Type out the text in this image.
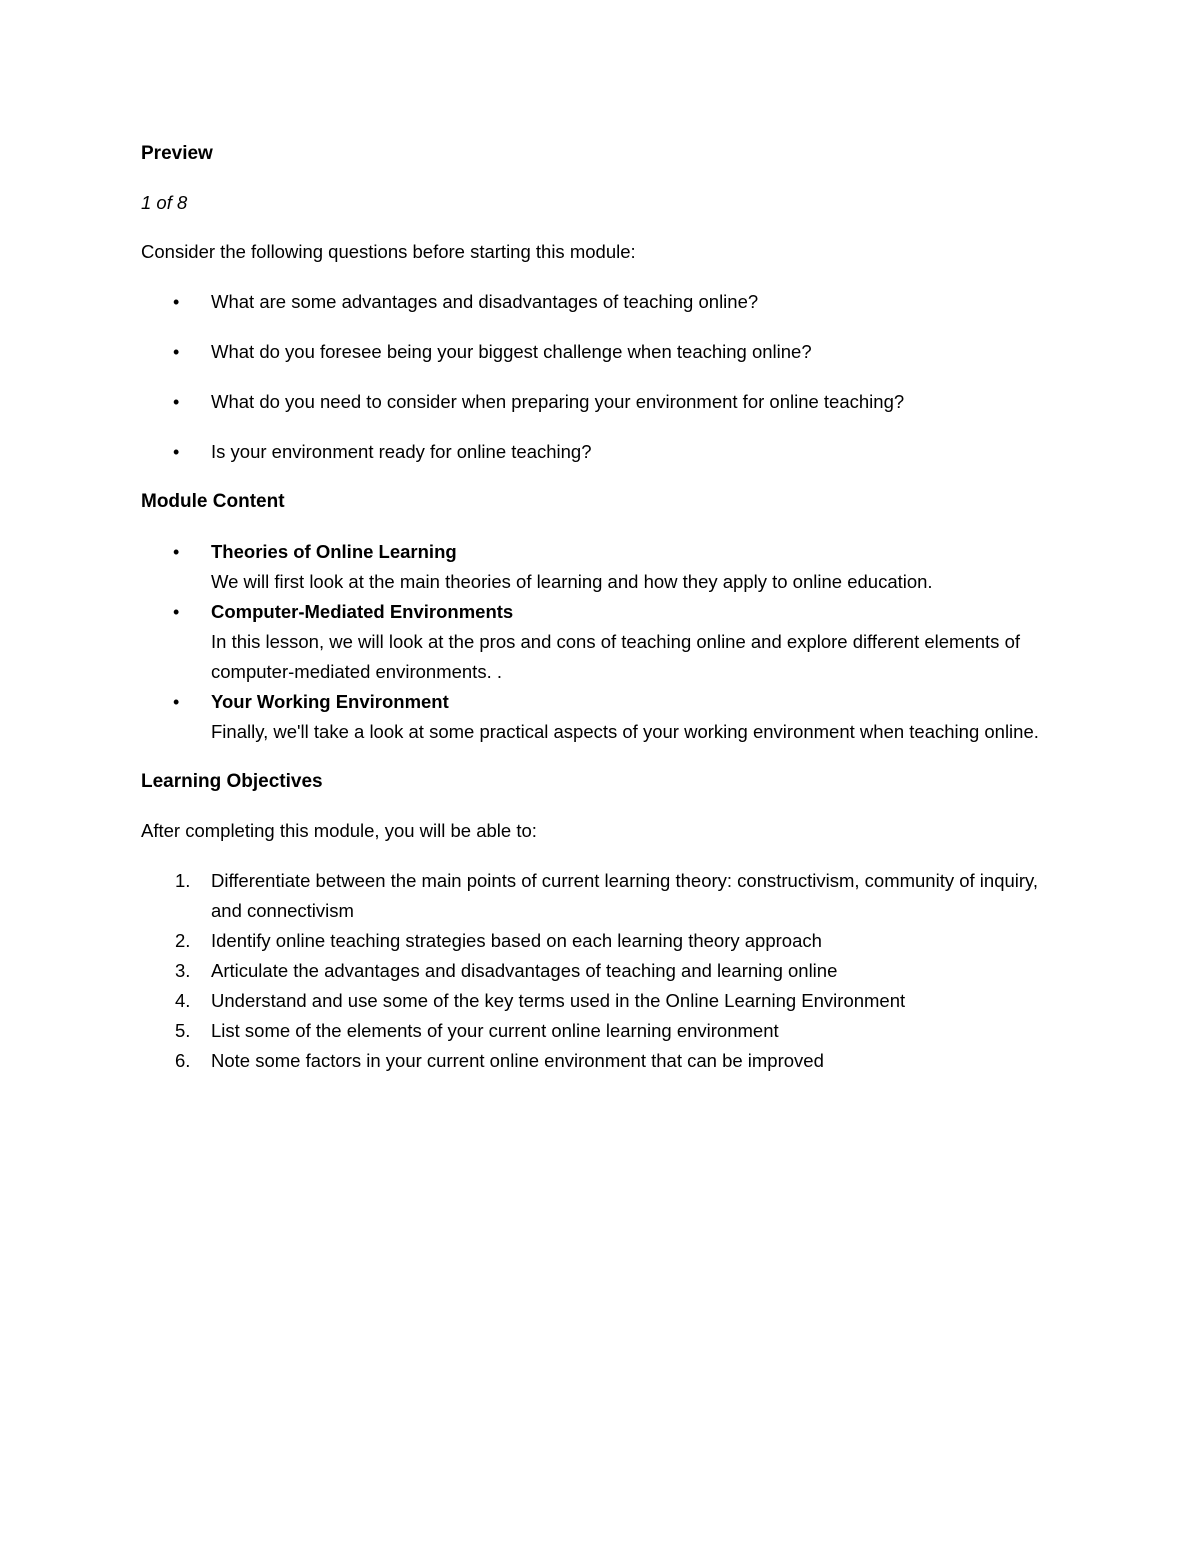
Preview

1 of 8

Consider the following questions before starting this module:

• What are some advantages and disadvantages of teaching online?
• What do you foresee being your biggest challenge when teaching online?
• What do you need to consider when preparing your environment for online teaching?
• Is your environment ready for online teaching?

Module Content

• Theories of Online Learning
We will first look at the main theories of learning and how they apply to online education.
• Computer-Mediated Environments
In this lesson, we will look at the pros and cons of teaching online and explore different elements of computer-mediated environments. .
• Your Working Environment
Finally, we'll take a look at some practical aspects of your working environment when teaching online.

Learning Objectives

After completing this module, you will be able to:

1. Differentiate between the main points of current learning theory: constructivism, community of inquiry, and connectivism
2. Identify online teaching strategies based on each learning theory approach
3. Articulate the advantages and disadvantages of teaching and learning online
4. Understand and use some of the key terms used in the Online Learning Environment
5. List some of the elements of your current online learning environment
6. Note some factors in your current online environment that can be improved
